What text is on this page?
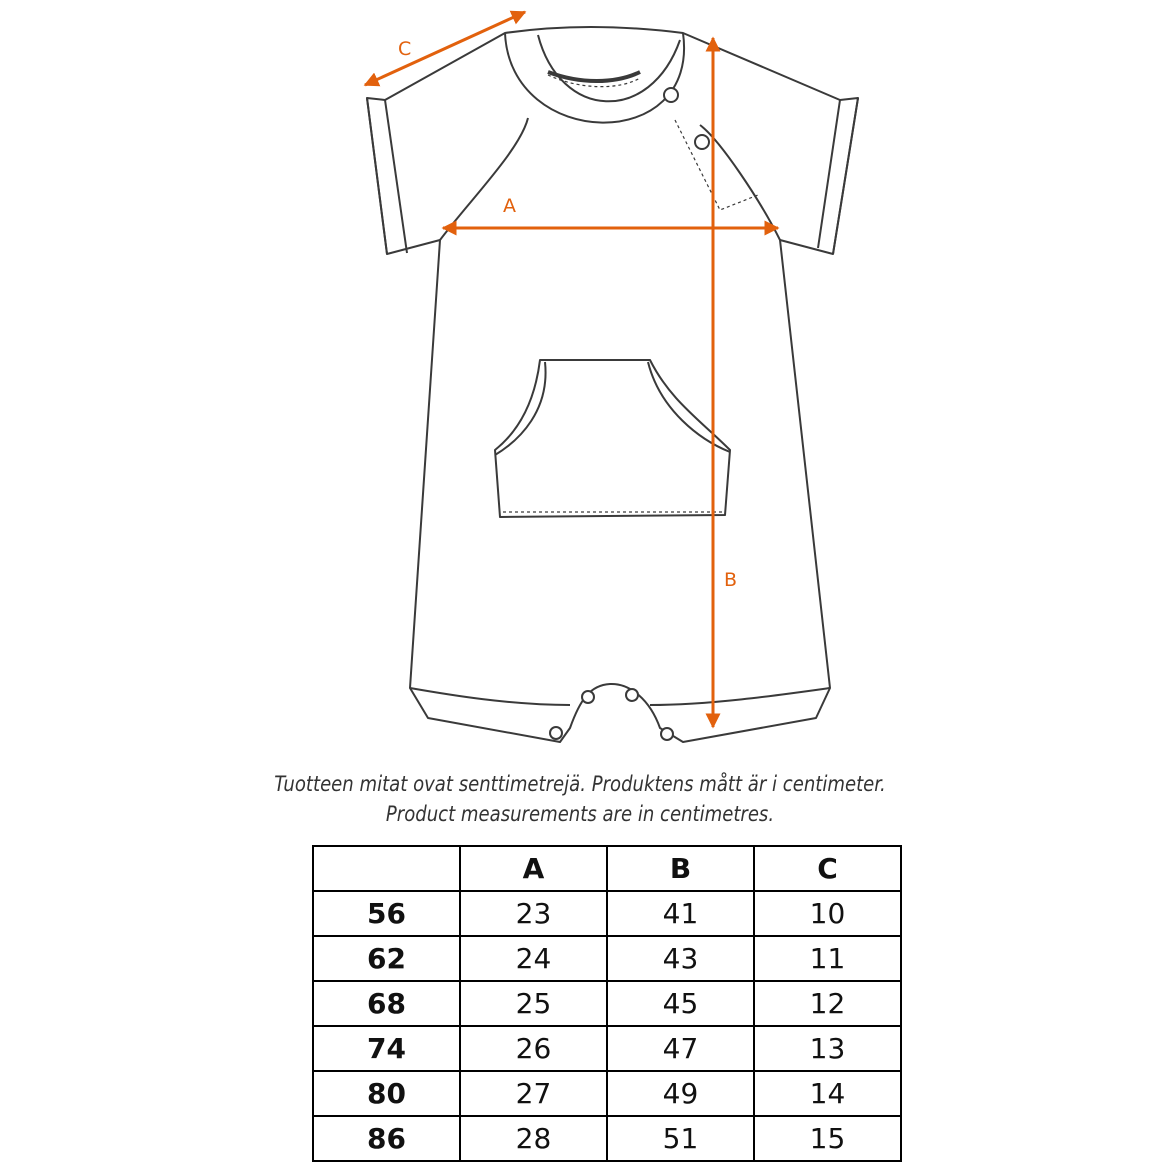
A
B
C
Tuotteen mitat ovat senttimetrejä. Produktens mått är i centimeter.
Product measurements are in centimetres.
	A	B	C
56	23	41	10
62	24	43	11
68	25	45	12
74	26	47	13
80	27	49	14
86	28	51	15
